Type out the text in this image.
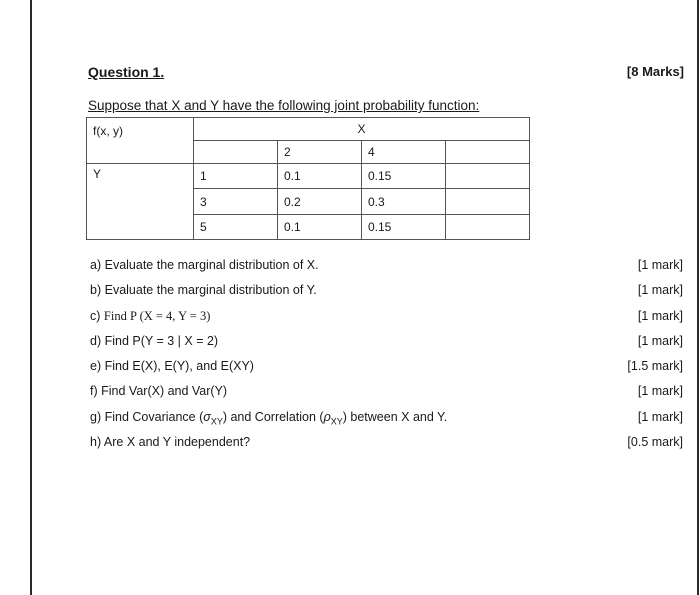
Question 1.	[8 Marks]
Suppose that X and Y have the following joint probability function:
f(x, y)	X			
		2	4	
Y	1	0.1	0.15	
	3	0.2	0.3	
	5	0.1	0.15	
a) Evaluate the marginal distribution of X.	[1 mark]
b) Evaluate the marginal distribution of Y.	[1 mark]
c) Find P (X = 4, Y = 3)	[1 mark]
d) Find P(Y = 3 | X = 2)	[1 mark]
e) Find E(X), E(Y), and E(XY)	[1.5 mark]
f) Find Var(X) and Var(Y)	[1 mark]
g) Find Covariance $(\sigma_{XY})$ and Correlation $(\rho_{XY})$ between X and Y.	[1 mark]
h) Are X and Y independent?	[0.5 mark]
